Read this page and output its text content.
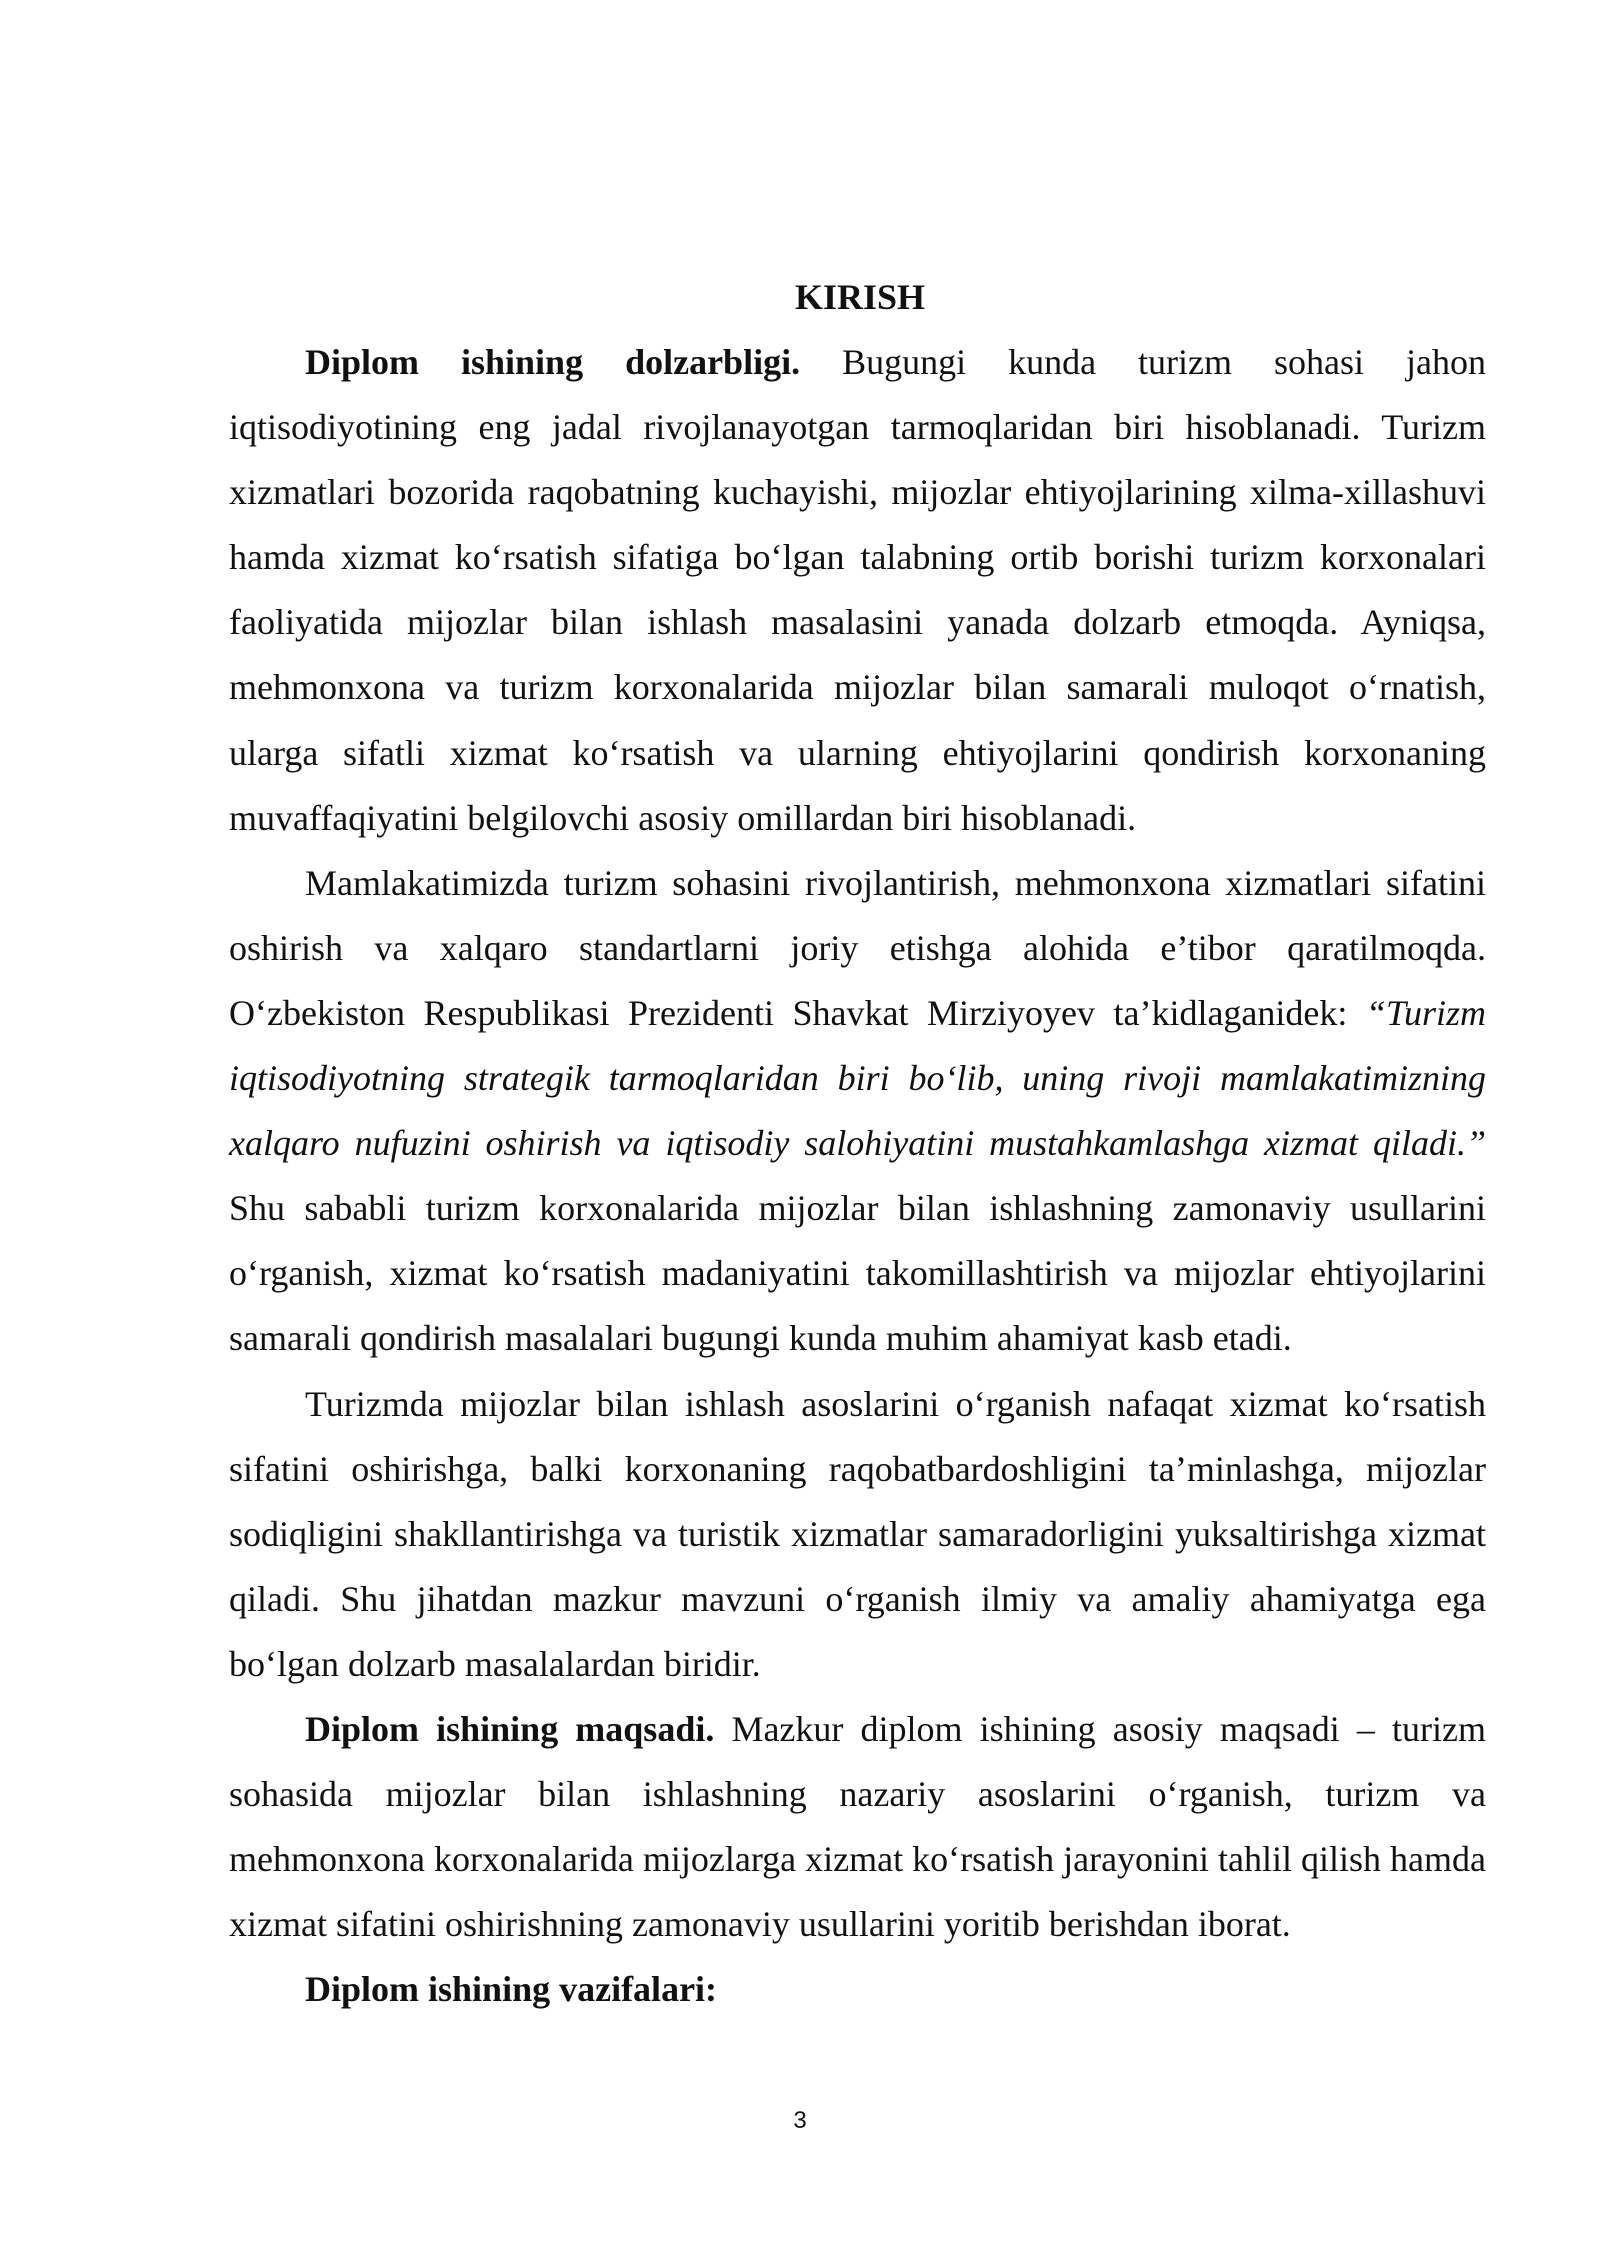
KIRISH

Diplom ishining dolzarbligi. Bugungi kunda turizm sohasi jahon iqtisodiyotining eng jadal rivojlanayotgan tarmoqlaridan biri hisoblanadi. Turizm xizmatlari bozorida raqobatning kuchayishi, mijozlar ehtiyojlarining xilma-xillashuvi hamda xizmat ko‘rsatish sifatiga bo‘lgan talabning ortib borishi turizm korxonalari faoliyatida mijozlar bilan ishlash masalasini yanada dolzarb etmoqda. Ayniqsa, mehmonxona va turizm korxonalarida mijozlar bilan samarali muloqot o‘rnatish, ularga sifatli xizmat ko‘rsatish va ularning ehtiyojlarini qondirish korxonaning muvaffaqiyatini belgilovchi asosiy omillardan biri hisoblanadi.

Mamlakatimizda turizm sohasini rivojlantirish, mehmonxona xizmatlari sifatini oshirish va xalqaro standartlarni joriy etishga alohida e’tibor qaratilmoqda. O‘zbekiston Respublikasi Prezidenti Shavkat Mirziyoyev ta’kidlaganidek: “Turizm iqtisodiyotning strategik tarmoqlaridan biri bo‘lib, uning rivoji mamlakatimizning xalqaro nufuzini oshirish va iqtisodiy salohiyatini mustahkamlashga xizmat qiladi.” Shu sababli turizm korxonalarida mijozlar bilan ishlashning zamonaviy usullarini o‘rganish, xizmat ko‘rsatish madaniyatini takomillashtirish va mijozlar ehtiyojlarini samarali qondirish masalalari bugungi kunda muhim ahamiyat kasb etadi.

Turizmda mijozlar bilan ishlash asoslarini o‘rganish nafaqat xizmat ko‘rsatish sifatini oshirishga, balki korxonaning raqobatbardoshligini ta’minlashga, mijozlar sodiqligini shakllantirishga va turistik xizmatlar samaradorligini yuksaltirishga xizmat qiladi. Shu jihatdan mazkur mavzuni o‘rganish ilmiy va amaliy ahamiyatga ega bo‘lgan dolzarb masalalardan biridir.

Diplom ishining maqsadi. Mazkur diplom ishining asosiy maqsadi – turizm sohasida mijozlar bilan ishlashning nazariy asoslarini o‘rganish, turizm va mehmonxona korxonalarida mijozlarga xizmat ko‘rsatish jarayonini tahlil qilish hamda xizmat sifatini oshirishning zamonaviy usullarini yoritib berishdan iborat.

Diplom ishining vazifalari:

3
